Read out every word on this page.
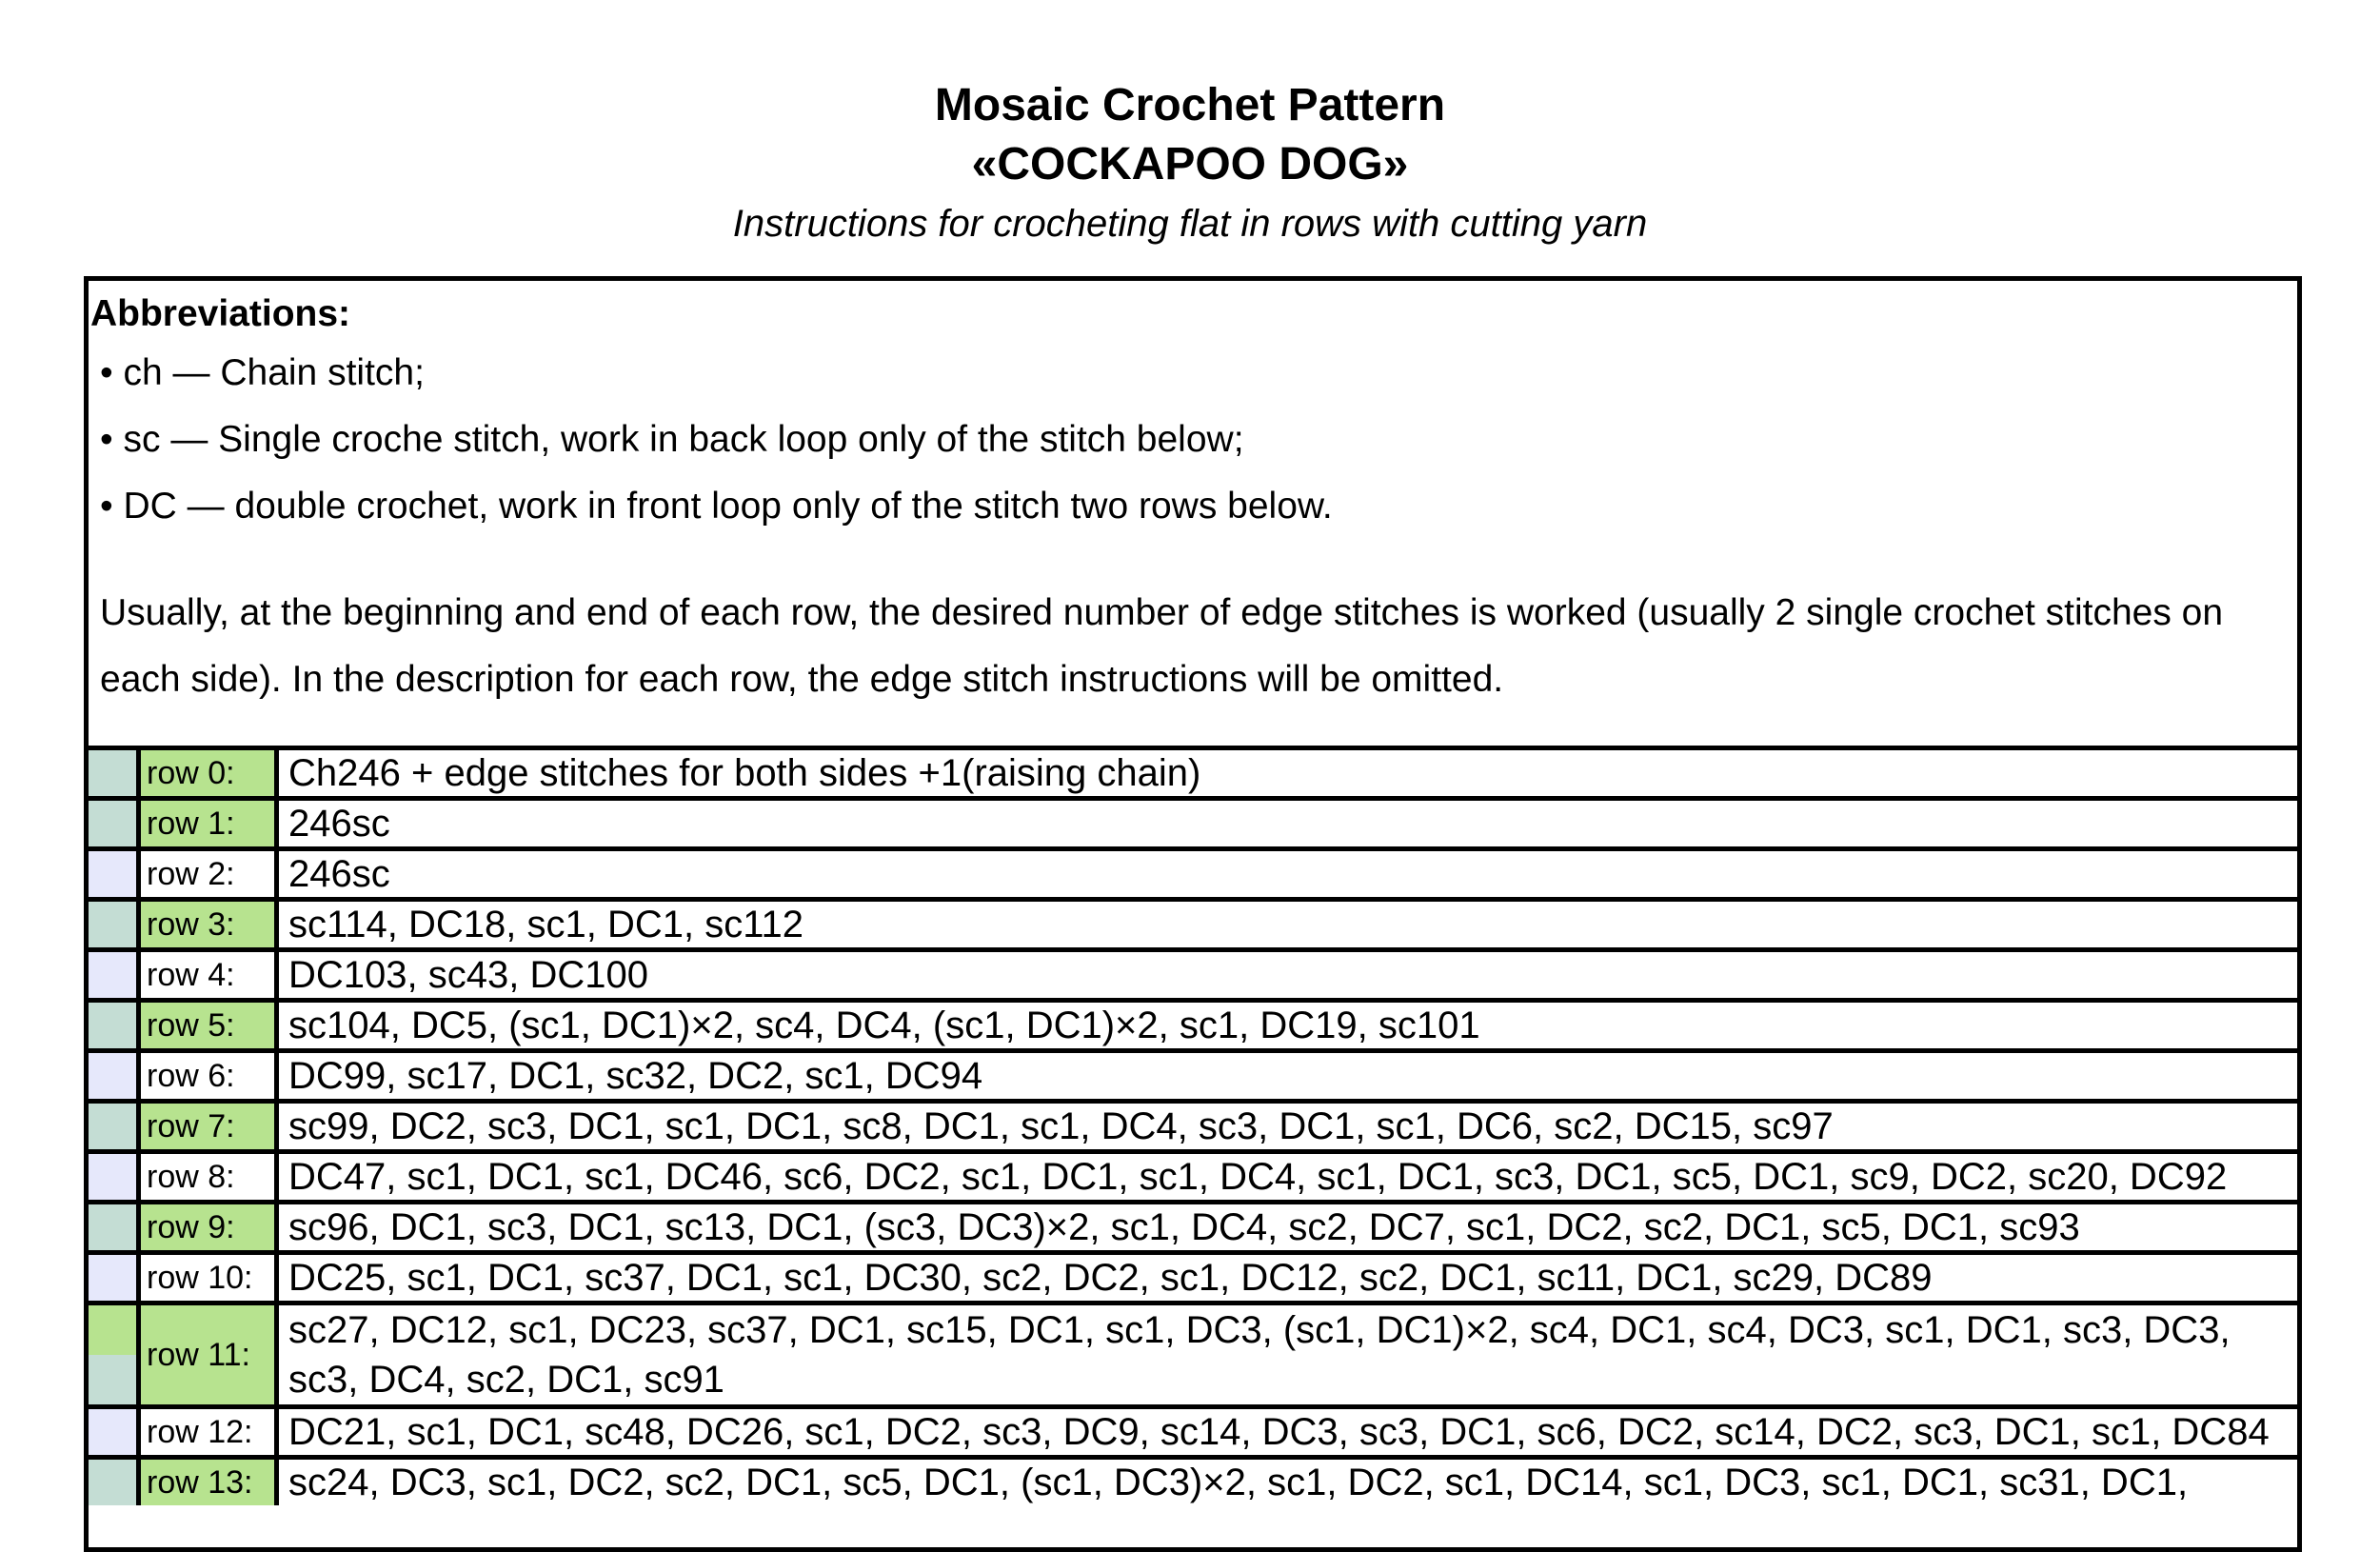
Mosaic Crochet Pattern
«COCKAPOO DOG»
Instructions for crocheting flat in rows with cutting yarn
Abbreviations:
• ch — Chain stitch;
• sc — Single croche stitch, work in back loop only of the stitch below;
• DC — double crochet, work in front loop only of the stitch two rows below.
Usually, at the beginning and end of each row, the desired number of edge stitches is worked (usually 2 single crochet stitches on each side). In the description for each row, the edge stitch instructions will be omitted.
row 0:	Ch246 + edge stitches for both sides +1(raising chain)
row 1:	246sc
row 2:	246sc
row 3:	sc114, DC18, sc1, DC1, sc112
row 4:	DC103, sc43, DC100
row 5:	sc104, DC5, (sc1, DC1)×2, sc4, DC4, (sc1, DC1)×2, sc1, DC19, sc101
row 6:	DC99, sc17, DC1, sc32, DC2, sc1, DC94
row 7:	sc99, DC2, sc3, DC1, sc1, DC1, sc8, DC1, sc1, DC4, sc3, DC1, sc1, DC6, sc2, DC15, sc97
row 8:	DC47, sc1, DC1, sc1, DC46, sc6, DC2, sc1, DC1, sc1, DC4, sc1, DC1, sc3, DC1, sc5, DC1, sc9, DC2, sc20, DC92
row 9:	sc96, DC1, sc3, DC1, sc13, DC1, (sc3, DC3)×2, sc1, DC4, sc2, DC7, sc1, DC2, sc2, DC1, sc5, DC1, sc93
row 10: DC25, sc1, DC1, sc37, DC1, sc1, DC30, sc2, DC2, sc1, DC12, sc2, DC1, sc11, DC1, sc29, DC89
row 11:
sc27, DC12, sc1, DC23, sc37, DC1, sc15, DC1, sc1, DC3, (sc1, DC1)×2, sc4, DC1, sc4, DC3, sc1, DC1, sc3, DC3, sc3, DC4, sc2, DC1, sc91
row 12: DC21, sc1, DC1, sc48, DC26, sc1, DC2, sc3, DC9, sc14, DC3, sc3, DC1, sc6, DC2, sc14, DC2, sc3, DC1, sc1, DC84
row 13: sc24, DC3, sc1, DC2, sc2, DC1, sc5, DC1, (sc1, DC3)×2, sc1, DC2, sc1, DC14, sc1, DC3, sc1, DC1, sc31, DC1,
